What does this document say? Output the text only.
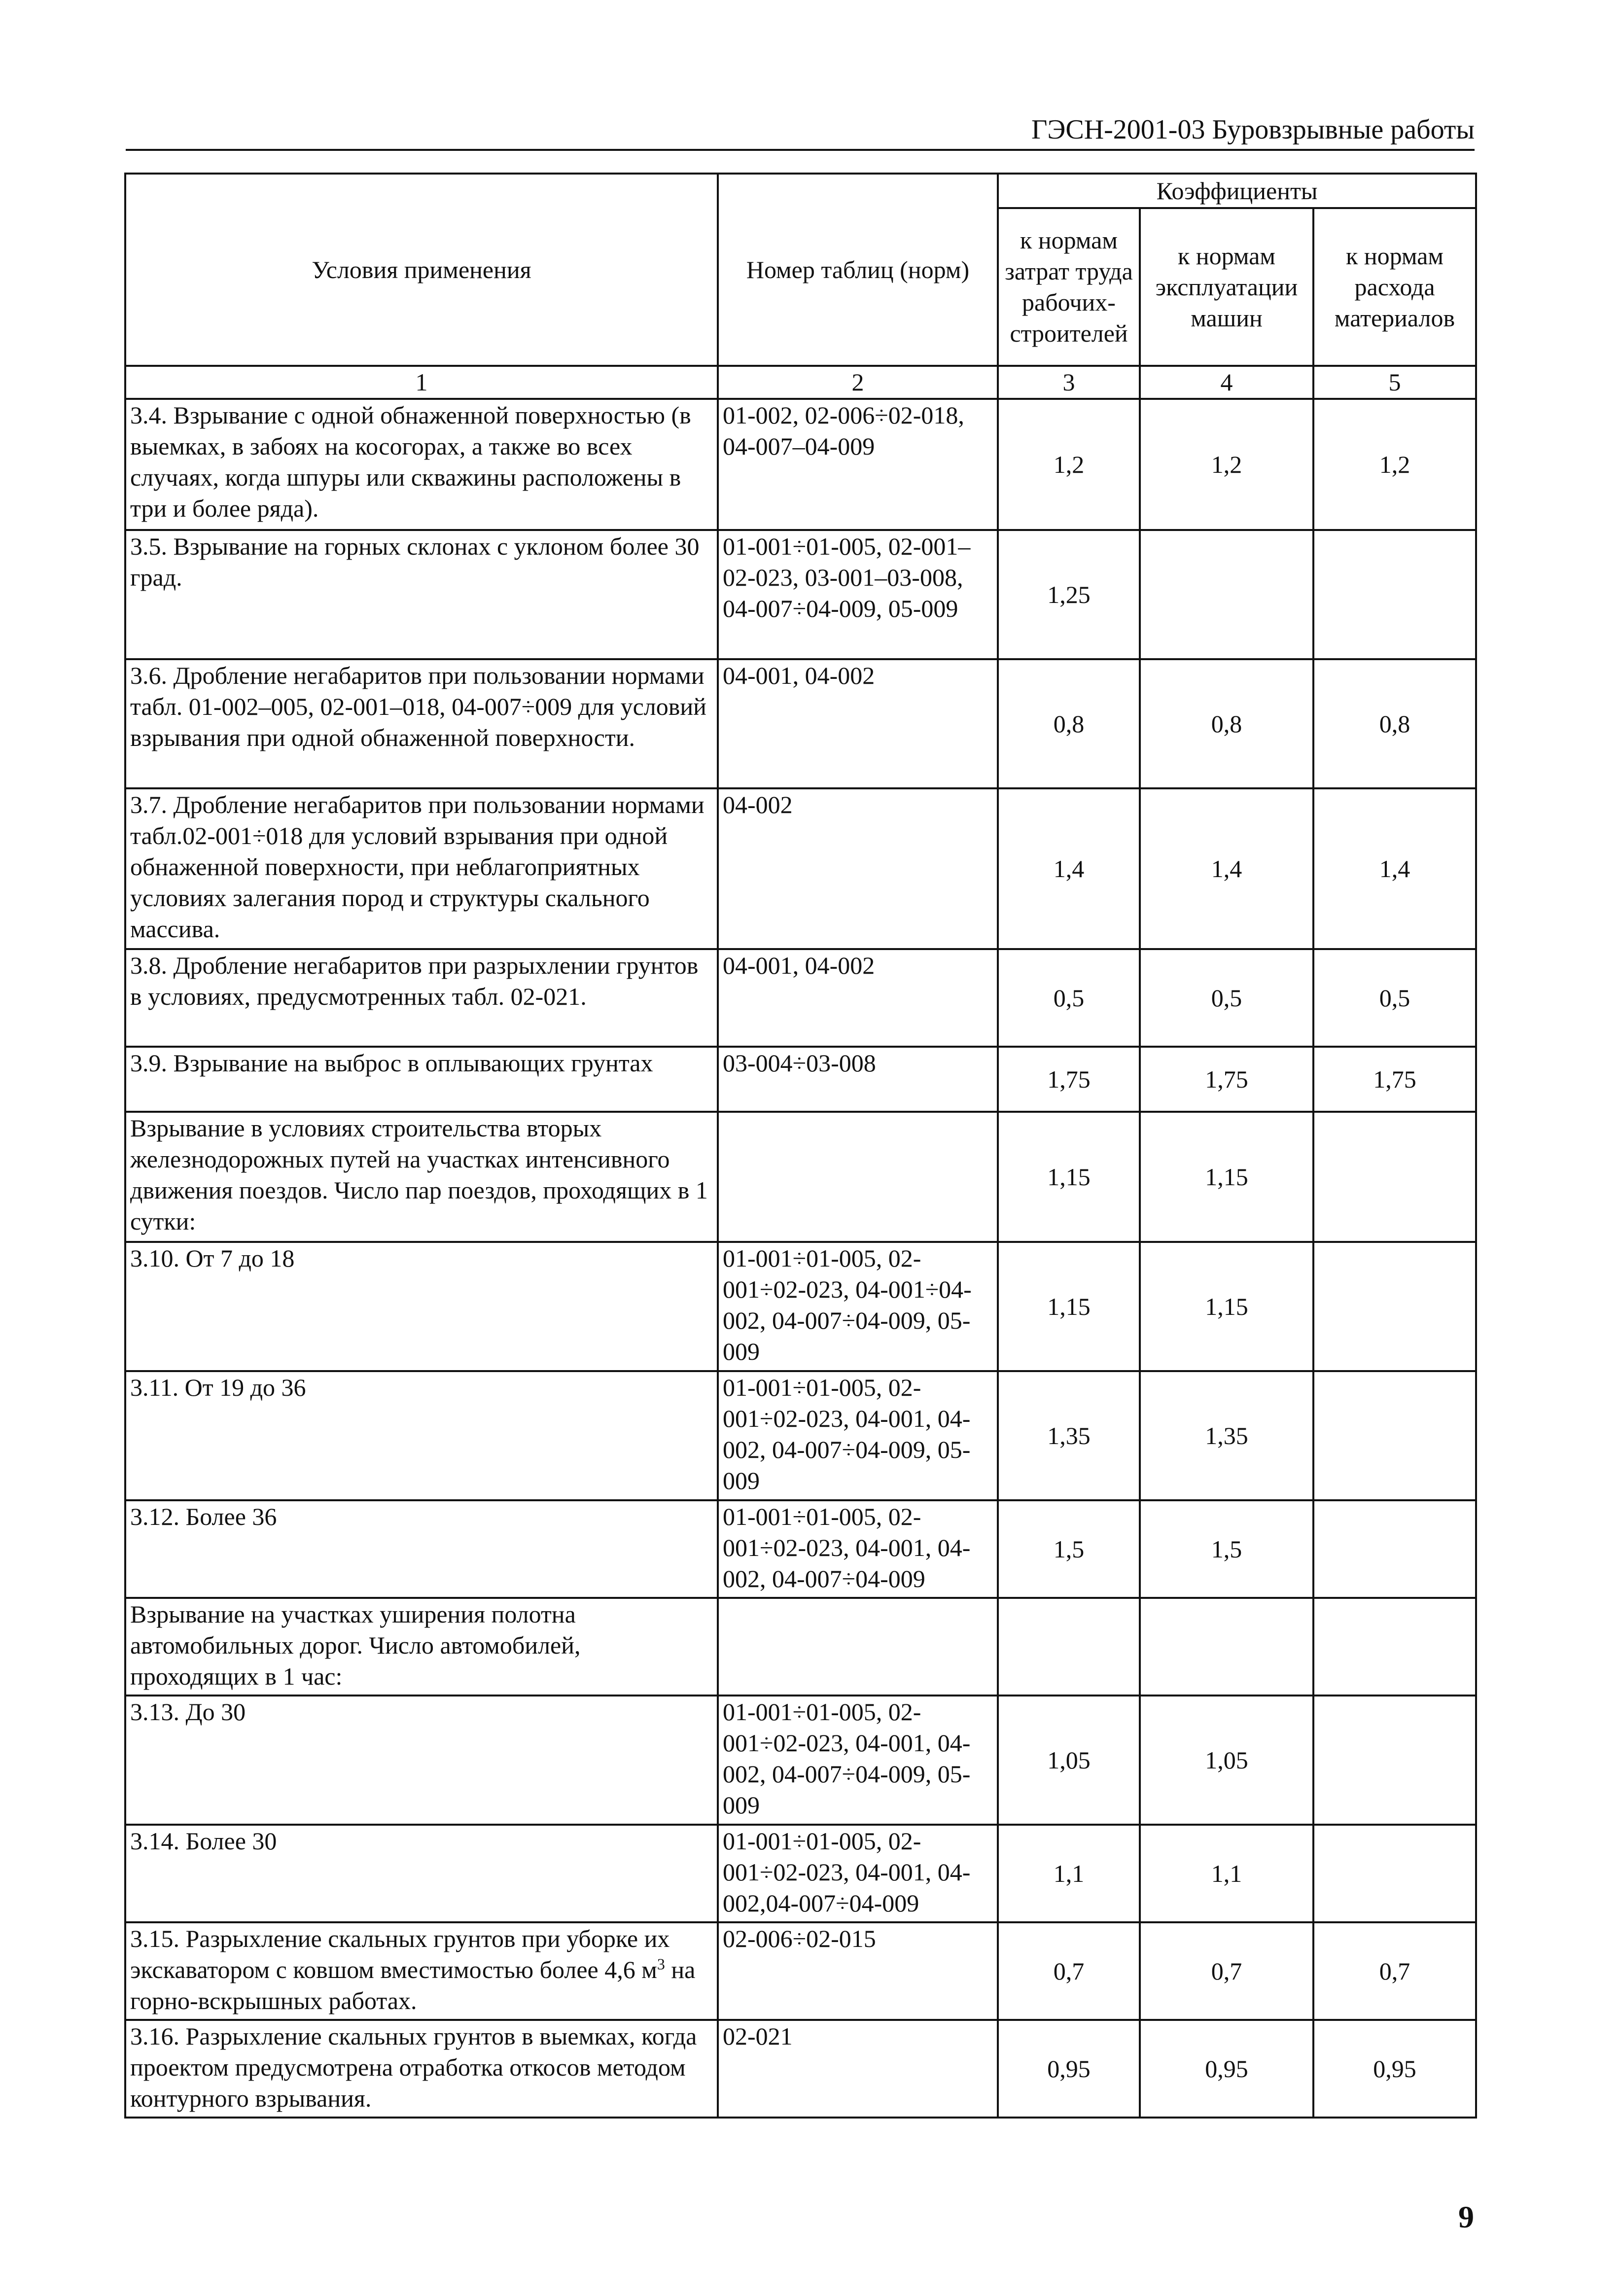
ГЭСН-2001-03 Буровзрывные работы
Условия применения	Номер таблиц (норм)	Коэффициенты		
		к нормам затрат труда рабочих-строителей	к нормам эксплуатации машин	к нормам расхода материалов
1	2	3	4	5
3.4. Взрывание с одной обнаженной поверхностью (в выемках, в забоях на косогорах, а также во всех случаях, когда шпуры или скважины расположены в три и более ряда).	01-002, 02-006÷02-018, 04-007–04-009	1,2	1,2	1,2
3.5. Взрывание на горных склонах с уклоном более 30 град.	01-001÷01-005, 02-001–02-023, 03-001–03-008, 04-007÷04-009, 05-009	1,25		
3.6. Дробление негабаритов при пользовании нормами табл. 01-002–005, 02-001–018, 04-007÷009 для условий взрывания при одной обнаженной поверхности.	04-001, 04-002	0,8	0,8	0,8
3.7. Дробление негабаритов при пользовании нормами табл.02-001÷018 для условий взрывания при одной обнаженной поверхности, при неблагоприятных условиях залегания пород и структуры скального массива.	04-002	1,4	1,4	1,4
3.8. Дробление негабаритов при разрыхлении грунтов в условиях, предусмотренных табл. 02-021.	04-001, 04-002	0,5	0,5	0,5
3.9. Взрывание на выброс в оплывающих грунтах	03-004÷03-008	1,75	1,75	1,75
Взрывание в условиях строительства вторых железнодорожных путей на участках интенсивного движения поездов. Число пар поездов, проходящих в 1 сутки:		1,15	1,15	
3.10. От 7 до 18	01-001÷01-005, 02-001÷02-023, 04-001÷04-002, 04-007÷04-009, 05-009	1,15	1,15	
3.11. От 19 до 36	01-001÷01-005, 02-001÷02-023, 04-001, 04-002, 04-007÷04-009, 05-009	1,35	1,35	
3.12. Более 36	01-001÷01-005, 02-001÷02-023, 04-001, 04-002, 04-007÷04-009	1,5	1,5	
Взрывание на участках уширения полотна автомобильных дорог. Число автомобилей, проходящих в 1 час:				
3.13. До 30	01-001÷01-005, 02-001÷02-023, 04-001, 04-002, 04-007÷04-009, 05-009	1,05	1,05	
3.14. Более 30	01-001÷01-005, 02-001÷02-023, 04-001, 04-002,04-007÷04-009	1,1	1,1	
3.15. Разрыхление скальных грунтов при уборке их экскаватором с ковшом вместимостью более 4,6 $м^3$ на горно-вскрышных работах.	02-006÷02-015	0,7	0,7	0,7
3.16. Разрыхление скальных грунтов в выемках, когда проектом предусмотрена отработка откосов методом контурного взрывания.	02-021	0,95	0,95	0,95
9
